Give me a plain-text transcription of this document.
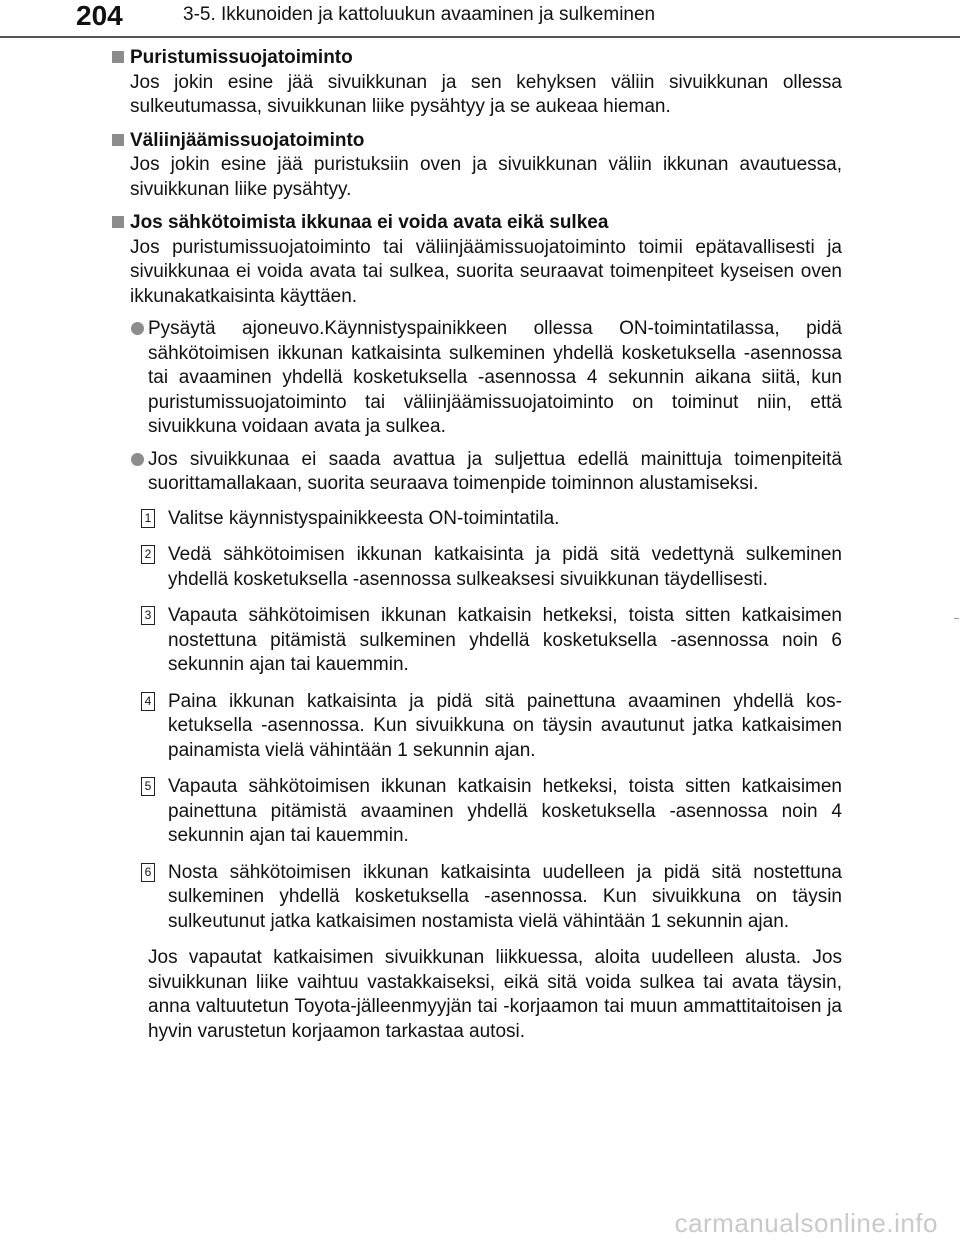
204	3-5. Ikkunoiden ja kattoluukun avaaminen ja sulkeminen
Puristumissuojatoiminto
Jos jokin esine jää sivuikkunan ja sen kehyksen väliin sivuikkunan ollessa sulkeutumassa, sivuikkunan liike pysähtyy ja se aukeaa hieman.
Väliinjäämissuojatoiminto
Jos jokin esine jää puristuksiin oven ja sivuikkunan väliin ikkunan avautuessa, sivuikkunan liike pysähtyy.
Jos sähkötoimista ikkunaa ei voida avata eikä sulkea
Jos puristumissuojatoiminto tai väliinjäämissuojatoiminto toimii epätavallisesti ja sivuikkunaa ei voida avata tai sulkea, suorita seuraavat toimenpiteet kyseisen oven ikkunakatkaisinta käyttäen.
Pysäytä ajoneuvo.Käynnistyspainikkeen ollessa ON-toimintatilassa, pidä sähkötoimisen ikkunan katkaisinta sulkeminen yhdellä kosketuksella -asennossa tai avaaminen yhdellä kosketuksella -asennossa 4 sekunnin aikana siitä, kun puristumissuojatoiminto tai väliinjäämissuojatoiminto on toiminut niin, että sivuikkuna voidaan avata ja sulkea.
Jos sivuikkunaa ei saada avattua ja suljettua edellä mainittuja toimenpiteitä suorittamallakaan, suorita seuraava toimenpide toiminnon alustamiseksi.
1 Valitse käynnistyspainikkeesta ON-toimintatila.
2 Vedä sähkötoimisen ikkunan katkaisinta ja pidä sitä vedettynä sulkeminen yhdellä kosketuksella -asennossa sulkeaksesi sivuikkunan täydellisesti.
3 Vapauta sähkötoimisen ikkunan katkaisin hetkeksi, toista sitten katkaisimen nostettuna pitämistä sulkeminen yhdellä kosketuksella -asennossa noin 6 sekunnin ajan tai kauemmin.
4 Paina ikkunan katkaisinta ja pidä sitä painettuna avaaminen yhdellä kosketuksella -asennossa. Kun sivuikkuna on täysin avautunut jatka katkaisimen painamista vielä vähintään 1 sekunnin ajan.
5 Vapauta sähkötoimisen ikkunan katkaisin hetkeksi, toista sitten katkaisimen painettuna pitämistä avaaminen yhdellä kosketuksella -asennossa noin 4 sekunnin ajan tai kauemmin.
6 Nosta sähkötoimisen ikkunan katkaisinta uudelleen ja pidä sitä nostettuna sulkeminen yhdellä kosketuksella -asennossa. Kun sivuikkuna on täysin sulkeutunut jatka katkaisimen nostamista vielä vähintään 1 sekunnin ajan.
Jos vapautat katkaisimen sivuikkunan liikkuessa, aloita uudelleen alusta. Jos sivuikkunan liike vaihtuu vastakkaiseksi, eikä sitä voida sulkea tai avata täysin, anna valtuutetun Toyota-jälleenmyyjän tai -korjaamon tai muun ammattitaitoisen ja hyvin varustetun korjaamon tarkastaa autosi.
carmanualsonline.info
